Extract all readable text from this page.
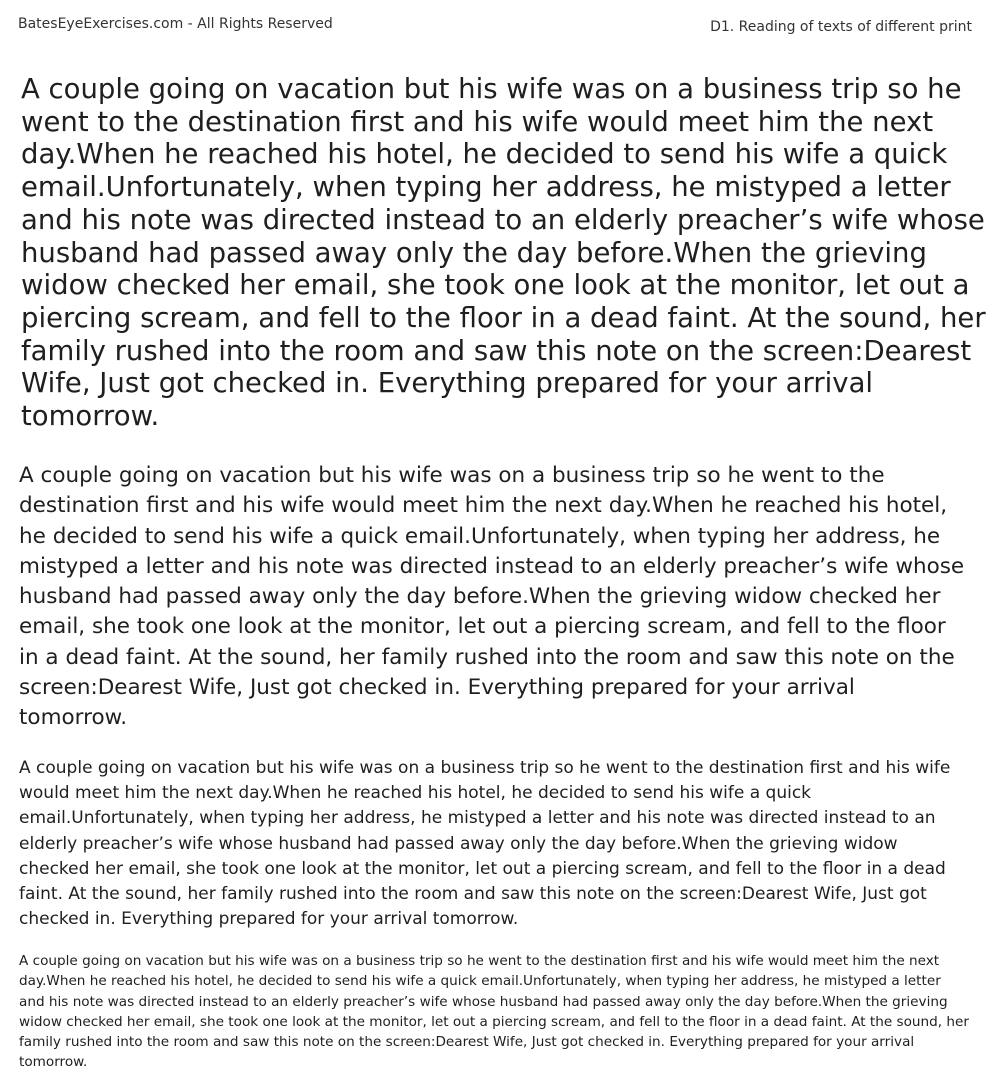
BatesEyeExercises.com - All Rights Reserved	D1. Reading of texts of different print

A couple going on vacation but his wife was on a business trip so he went to the destination first and his wife would meet him the next day.When he reached his hotel, he decided to send his wife a quick email.Unfortunately, when typing her address, he mistyped a letter and his note was directed instead to an elderly preacher’s wife whose husband had passed away only the day before.When the grieving widow checked her email, she took one look at the monitor, let out a piercing scream, and fell to the floor in a dead faint. At the sound, her family rushed into the room and saw this note on the screen:Dearest Wife, Just got checked in. Everything prepared for your arrival tomorrow.

A couple going on vacation but his wife was on a business trip so he went to the destination first and his wife would meet him the next day.When he reached his hotel, he decided to send his wife a quick email.Unfortunately, when typing her address, he mistyped a letter and his note was directed instead to an elderly preacher’s wife whose husband had passed away only the day before.When the grieving widow checked her email, she took one look at the monitor, let out a piercing scream, and fell to the floor in a dead faint. At the sound, her family rushed into the room and saw this note on the screen:Dearest Wife, Just got checked in. Everything prepared for your arrival tomorrow.

A couple going on vacation but his wife was on a business trip so he went to the destination first and his wife would meet him the next day.When he reached his hotel, he decided to send his wife a quick email.Unfortunately, when typing her address, he mistyped a letter and his note was directed instead to an elderly preacher’s wife whose husband had passed away only the day before.When the grieving widow checked her email, she took one look at the monitor, let out a piercing scream, and fell to the floor in a dead faint. At the sound, her family rushed into the room and saw this note on the screen:Dearest Wife, Just got checked in. Everything prepared for your arrival tomorrow.

A couple going on vacation but his wife was on a business trip so he went to the destination first and his wife would meet him the next day.When he reached his hotel, he decided to send his wife a quick email.Unfortunately, when typing her address, he mistyped a letter and his note was directed instead to an elderly preacher’s wife whose husband had passed away only the day before.When the grieving widow checked her email, she took one look at the monitor, let out a piercing scream, and fell to the floor in a dead faint. At the sound, her family rushed into the room and saw this note on the screen:Dearest Wife, Just got checked in. Everything prepared for your arrival tomorrow.
